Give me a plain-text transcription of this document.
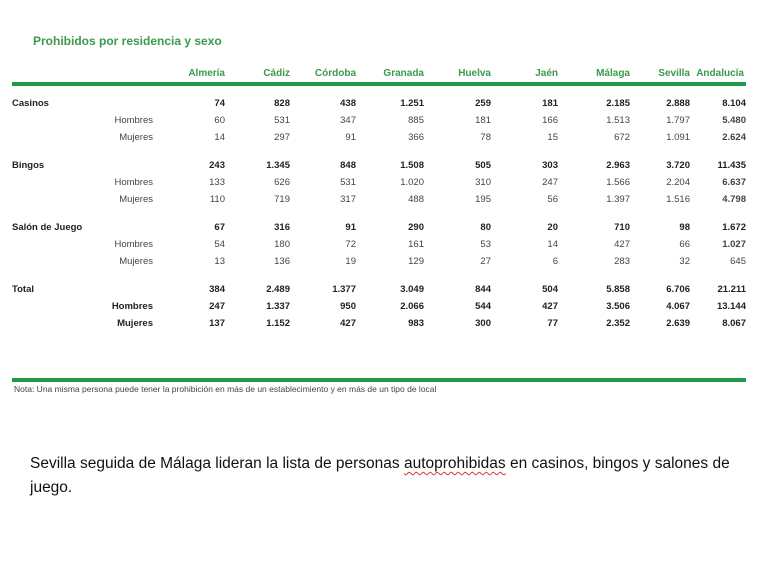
Prohibidos por residencia y sexo
		Almería	Cádiz	Córdoba	Granada	Huelva	Jaén	Málaga	Sevilla	Andalucía
Casinos		74	828	438	1.251	259	181	2.185	2.888	8.104
	Hombres	60	531	347	885	181	166	1.513	1.797	5.480
	Mujeres	14	297	91	366	78	15	672	1.091	2.624
Bingos		243	1.345	848	1.508	505	303	2.963	3.720	11.435
	Hombres	133	626	531	1.020	310	247	1.566	2.204	6.637
	Mujeres	110	719	317	488	195	56	1.397	1.516	4.798
Salón de Juego		67	316	91	290	80	20	710	98	1.672
	Hombres	54	180	72	161	53	14	427	66	1.027
	Mujeres	13	136	19	129	27	6	283	32	645
Total		384	2.489	1.377	3.049	844	504	5.858	6.706	21.211
	Hombres	247	1.337	950	2.066	544	427	3.506	4.067	13.144
	Mujeres	137	1.152	427	983	300	77	2.352	2.639	8.067
Nota: Una misma persona puede tener la prohibición en más de un establecimiento y en más de un tipo de local
Sevilla seguida de Málaga lideran la lista de personas autoprohibidas en casinos, bingos y salones de juego.
